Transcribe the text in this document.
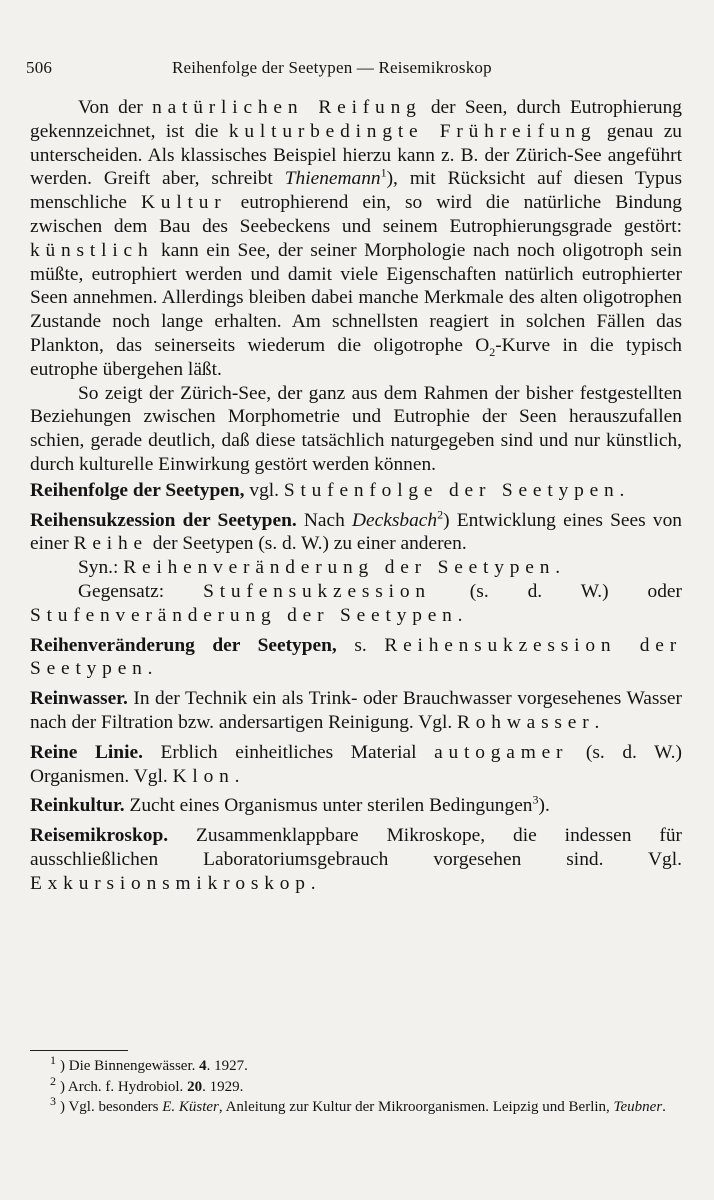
506	Reihenfolge der Seetypen — Reisemikroskop

Von der natürlichen Reifung der Seen, durch Eutrophierung gekennzeichnet, ist die kulturbedingte Frühreifung genau zu unterscheiden. Als klassisches Beispiel hierzu kann z. B. der Zürich-See angeführt werden. Greift aber, schreibt Thienemann$^1$), mit Rücksicht auf diesen Typus menschliche Kultur eutrophierend ein, so wird die natürliche Bindung zwischen dem Bau des Seebeckens und seinem Eutrophierungsgrade gestört: künstlich kann ein See, der seiner Morphologie nach noch oligotroph sein müßte, eutrophiert werden und damit viele Eigenschaften natürlich eutrophierter Seen annehmen. Allerdings bleiben dabei manche Merkmale des alten oligotrophen Zustande noch lange erhalten. Am schnellsten reagiert in solchen Fällen das Plankton, das seinerseits wiederum die oligotrophe $O_2$-Kurve in die typisch eutrophe übergehen läßt.

So zeigt der Zürich-See, der ganz aus dem Rahmen der bisher festgestellten Beziehungen zwischen Morphometrie und Eutrophie der Seen herauszufallen schien, gerade deutlich, daß diese tatsächlich naturgegeben sind und nur künstlich, durch kulturelle Einwirkung gestört werden können.

Reihenfolge der Seetypen, vgl. Stufenfolge der Seetypen.

Reihensukzession der Seetypen. Nach Decksbach$^2$) Entwicklung eines Sees von einer Reihe der Seetypen (s. d. W.) zu einer anderen.

Syn.: Reihenveränderung der Seetypen.

Gegensatz: Stufensukzession (s. d. W.) oder Stufenveränderung der Seetypen.

Reihenveränderung der Seetypen, s. Reihensukzession der Seetypen.

Reinwasser. In der Technik ein als Trink- oder Brauchwasser vorgesehenes Wasser nach der Filtration bzw. andersartigen Reinigung. Vgl. Rohwasser.

Reine Linie. Erblich einheitliches Material autogamer (s. d. W.) Organismen. Vgl. Klon.

Reinkultur. Zucht eines Organismus unter sterilen Bedingungen$^3$).

Reisemikroskop. Zusammenklappbare Mikroskope, die indessen für ausschließlichen Laboratoriumsgebrauch vorgesehen sind. Vgl. Exkursionsmikroskop.

$^1$ ) Die Binnengewässer. 4. 1927.

$^2$ ) Arch. f. Hydrobiol. 20. 1929.

$^3$ ) Vgl. besonders E. Küster, Anleitung zur Kultur der Mikroorganismen. Leipzig und Berlin, Teubner.
